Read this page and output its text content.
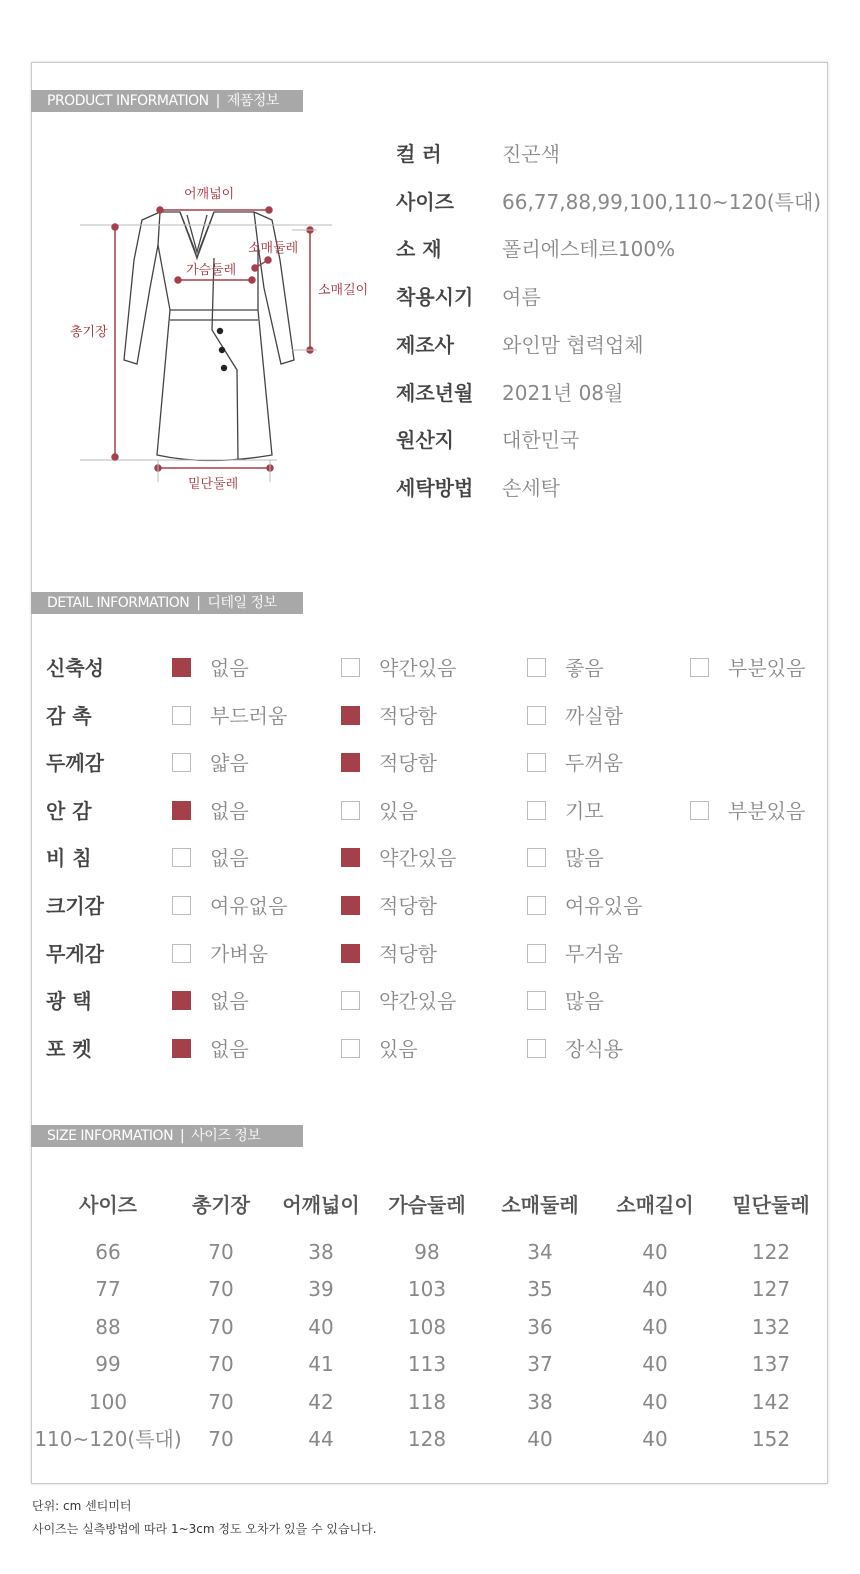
PRODUCT INFORMATION | 제품정보
어깨넓이
소매둘레
가슴둘레
소매길이
총기장
밑단둘레
컬 러	진곤색
사이즈 66,77,88,99,100,110~120(특대)
소 재	폴리에스테르100%
착용시기 여름
제조사 와인맘 협력업체
제조년월 2021년 08월
원산지 대한민국
세탁방법 손세탁
DETAIL INFORMATION | 디테일 정보
신축성	없음	약간있음	좋음	부분있음
감 촉	부드러움	적당함	까실함
두께감	얇음	적당함	두꺼움
안 감	없음	있음	기모	부분있음
비 침	없음	약간있음	많음
크기감	여유없음	적당함	여유있음
무게감	가벼움	적당함	무거움
광 택	없음	약간있음	많음
포 켓	없음	있음	장식용
SIZE INFORMATION | 사이즈 정보
사이즈	총기장	어깨넓이	가슴둘레	소매둘레	소매길이	밑단둘레
66	70	38	98	34	40	122
77	70	39	103	35	40	127
88	70	40	108	36	40	132
99	70	41	113	37	40	137
100	70	42	118	38	40	142
110~120(특대)	70	44	128	40	40	152
단위: cm 센티미터
사이즈는 실측방법에 따라 1~3cm 정도 오차가 있을 수 있습니다.
